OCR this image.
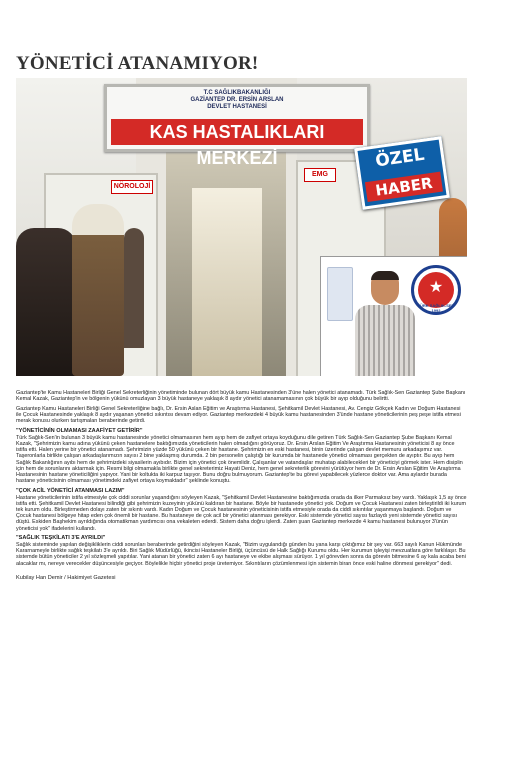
YÖNETİCİ ATANAMIYOR!
NÖROLOJİ
EMG
T.C SAĞLIKBAKANLIĞI
GAZİANTEP DR. ERSİN ARSLAN
DEVLET HASTANESİ
KAS HASTALIKLARI MERKEZİ	ÖZEL
HABER
★
TÜRK SAĞLIK-SEN 1992

Gaziantep'te Kamu Hastaneleri Birliği Genel Sekreterliğinin yönetiminde bulunan dört büyük kamu Hastanesinden 3'üne halen yönetici atanamadı. Türk Sağlık-Sen Gaziantep Şube Başkanı Kemal Kazak, Gaziantep'in ve bölgenin yükünü omuzlayan 3 büyük hastaneye yaklaşık 8 aydır yönetici atanamamasının çok büyük bir ayıp olduğunu belirtti.

Gaziantep Kamu Hastaneleri Birliği Genel Sekreterliğine bağlı, Dr. Ersin Aslan Eğitim ve Araştırma Hastanesi, Şehitkamil Devlet Hastanesi, Av. Cengiz Gökçek Kadın ve Doğum Hastanesi ile Çocuk Hastanesinde yaklaşık 8 aydır yaşanan yönetici sıkıntısı devam ediyor. Gaziantep merkezdeki 4 büyük kamu hastanesinden 3'ünde hastane yöneticilerinin peş peşe istifa etmesi merak konusu olurken tartışmaları beraberinde getirdi.

"YÖNETİCİNİN OLMAMASI ZAAFİYET GETİRİR"

Türk Sağlık-Sen'in bulunan 3 büyük kamu hastanesinde yönetici olmamasının hem ayıp hem de zafiyet ortaya koyduğunu dile getiren Türk Sağlık-Sen Gaziantep Şube Başkanı Kemal Kazak, "Şehrimizin kamu adına yükünü çeken hastanelere baktığımızda yöneticilerin halen olmadığını görüyoruz. Dr. Ersin Arslan Eğitim Ve Araştırma Hastanesinin yöneticisi 8 ay önce istifa etti. Halen yerine bir yönetici atanamadı. Şehrimizin yüzde 50 yükünü çeken bir hastane. Şehrimizin en eski hastanesi, binin üzerinde çalışan devlet memuru arkadaşımız var. Taşeronlarla birlikte çalışan arkadaşlarımızın sayısı 2 bine yaklaşmış durumda. 2 bin personelin çalıştığı bir kurumda bir hastanede yönetici olmaması gerçekten de ayıptır. Bu ayıp hem Sağlık Bakanlığının ayıbı hem de şehrimizdeki siyasilerin ayıbıdır. Bizim için yönetici çok önemlidir. Çalışanlar ve vatandaşlar muhatap alabilecekleri bir yöneticiyi görmek ister. Hem disiplin için hem de sorunlarını aktarmak için. Resmi bilgi olmamakla birlikte genel sekreterimiz Hayati Deniz, hem genel sekreterlik görevini yürütüyor hem de Dr. Ersin Arslan Eğitim Ve Araştırma Hastanesinin hastane yöneticiliğini yapıyor. Yani bir koltukta iki karpuz taşıyor. Bunu doğru bulmuyorum. Gaziantep'te bu görevi yapabilecek yüzlerce doktor var. Ama aylardır burada hastane yöneticisinin olmaması yönetimdeki zafiyet ortaya koymaktadır" şeklinde konuştu.

"ÇOK ACİL YÖNETİCİ ATANMASI LAZIM"

Hastane yöneticilerinin istifa etmesiyle çok ciddi sorunlar yaşandığını söyleyen Kazak, "Şehitkamil Devlet Hastanesine baktığımızda orada da ilker Parmaksız bey vardı. Yaklaşık 1,5 ay önce istifa etti. Şehitkamil Devlet Hastanesi bilindiği gibi şehrimizin kuzeyinin yükünü kaldıran bir hastane. Böyle bir hastanede yönetici yok. Doğum ve Çocuk Hastanesi zaten birleştirildi iki kurum tek kurum oldu. Birleştirmeden dolayı zaten bir sıkıntı vardı. Kadın Doğum ve Çocuk hastanesinin yöneticisinin istifa etmesiyle orada da ciddi sıkıntılar yaşanmaya başlandı. Doğum ve Çocuk hastanesi bölgeye hitap eden çok önemli bir hastane. Bu hastaneye de çok acil bir yönetici atanması gerekiyor. Eski sistemde yönetici sayısı fazlaydı yeni sistemde yönetici sayısı düştü. Eskiden Başhekim ayrıldığında otomatikman yardımcısı ona vekaleten ederdi. Sistem daha doğru işlerdi. Zaten şuan Gaziantep merkezde 4 kamu hastanesi bulunuyor 3'ünün yöneticisi yok" ifadelerini kullandı.

"SAĞLIK TEŞKİLATI 3'E AYRILDI"

Sağlık sisteminde yapılan değişikliklerin ciddi sorunları beraberinde getirdiğini söyleyen Kazak, "Bizim uygulandığı günden bu yana karşı çıktığımız bir şey var. 663 sayılı Kanun Hükmünde Kararnameyle birlikte sağlık teşkilatı 3'e ayrıldı. Biri Sağlık Müdürlüğü, ikincisi Hastaneler Birliği, üçüncüsü de Halk Sağlığı Kurumu oldu. Her kurumun işleyişi mevzuatlara göre farklılaşır. Bu sistemde bütün yöneticiler 2 yıl sözleşmeli yapıtılar. Yani atanan bir yönetici zaten 6 ayı hastaneye ve ekibe alışması sürüyor. 1 yıl görevden sonra da görevin bitmesine 6 ay kala acaba beni alacaklar mı, nereye verecekler düşüncesiyle geçiyor. Böylelikle hiçbir yönetici proje üretemiyor. Sıkıntıların çözümlenmesi için sistemin biran önce eski haline dönmesi gerekiyor" dedi.

Kubilay Han Demir / Hakimiyet Gazetesi
